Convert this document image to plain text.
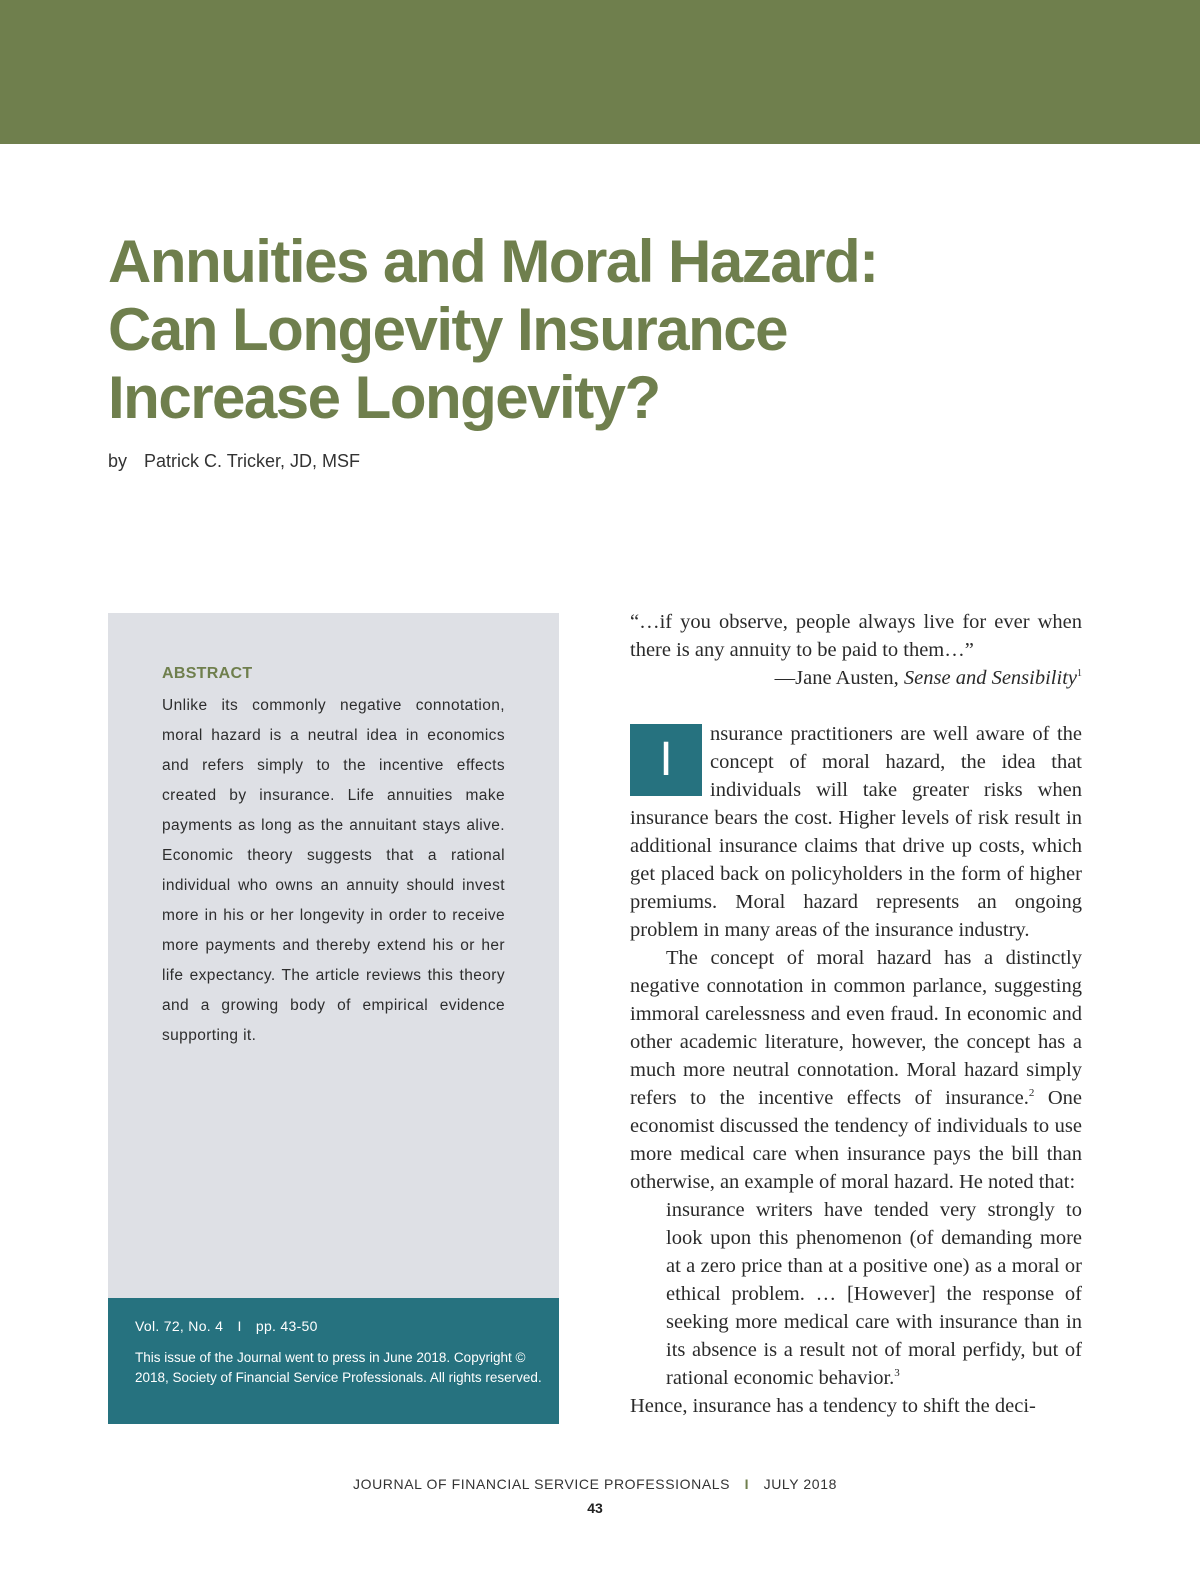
Annuities and Moral Hazard:
Can Longevity Insurance
Increase Longevity?
by Patrick C. Tricker, JD, MSF
ABSTRACT

Unlike its commonly negative connotation, moral hazard is a neutral idea in economics and refers simply to the incentive effects created by insurance. Life annuities make payments as long as the annuitant stays alive. Economic theory suggests that a rational individual who owns an annuity should invest more in his or her longevity in order to receive more payments and thereby extend his or her life expectancy. The article reviews this theory and a growing body of empirical evidence supporting it.

Vol. 72, No. 4 I pp. 43-50

This issue of the Journal went to press in June 2018. Copyright © 2018, Society of Financial Service Professionals. All rights reserved.

“…if you observe, people always live for ever when there is any annuity to be paid to them…”

—Jane Austen, Sense and Sensibility$^1$

I	nsurance practitioners are well aware of the concept of moral hazard, the idea that individuals will take greater risks when insurance bears the cost. Higher levels of risk result in additional insurance claims that drive up costs, which get placed back on policyholders in the form of higher premiums. Moral hazard represents an ongoing problem in many areas of the insurance industry.

The concept of moral hazard has a distinctly negative connotation in common parlance, suggesting immoral carelessness and even fraud. In economic and other academic literature, however, the concept has a much more neutral connotation. Moral hazard simply refers to the incentive effects of insurance.$^2$ One economist discussed the tendency of individuals to use more medical care when insurance pays the bill than otherwise, an example of moral hazard. He noted that:

insurance writers have tended very strongly to look upon this phenomenon (of demanding more at a zero price than at a positive one) as a moral or ethical problem. … [However] the response of seeking more medical care with insurance than in its absence is a result not of moral perfidy, but of rational economic behavior.$^3$

Hence, insurance has a tendency to shift the deci-

JOURNAL OF FINANCIAL SERVICE PROFESSIONALS I JULY 2018
43
